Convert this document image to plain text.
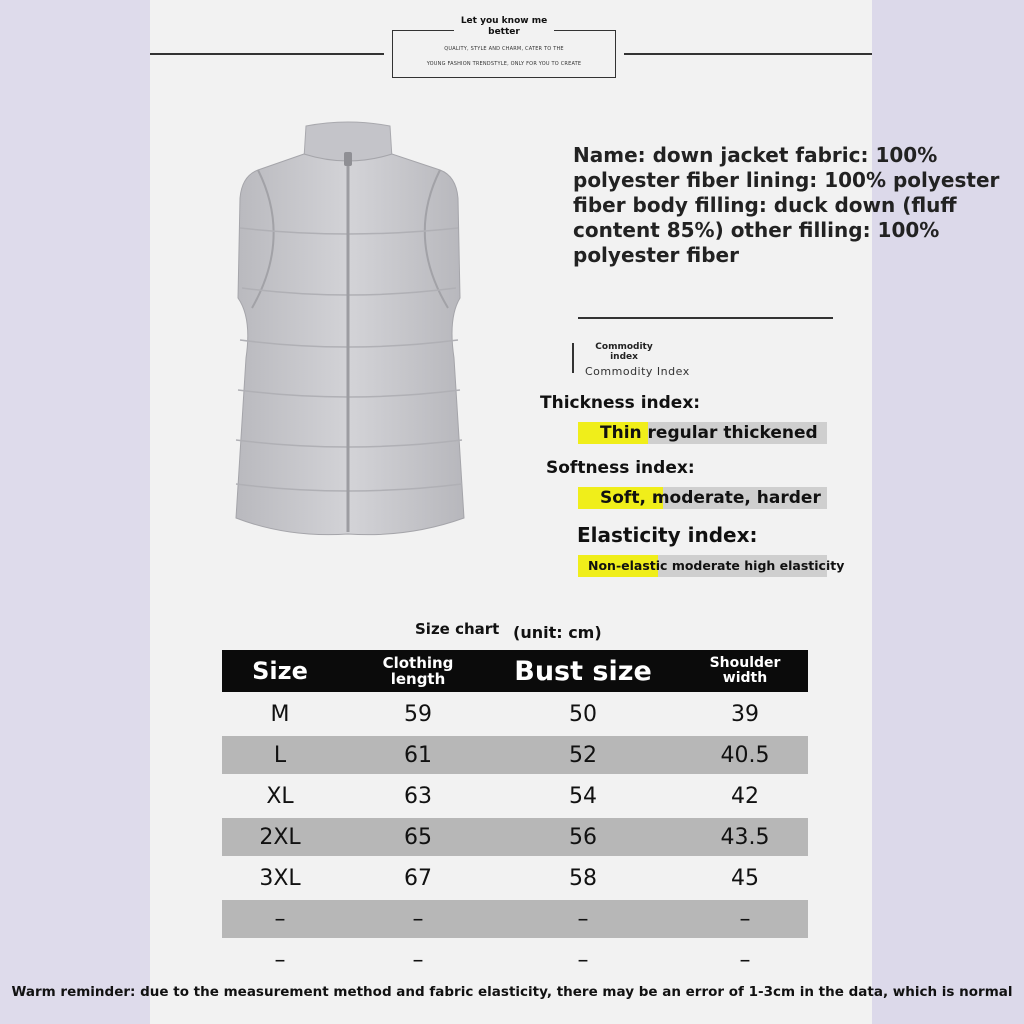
QUALITY, STYLE AND CHARM, CATER TO THE
YOUNG FASHION TRENDSTYLE, ONLY FOR YOU TO CREATE
Let you know me better
Name: down jacket fabric: 100% polyester fiber lining: 100% polyester fiber body filling: duck down (fluff content 85%) other filling: 100% polyester fiber
Commodity index
Commodity Index
Thickness index:
Thin regular thickened
Softness index:
Soft, moderate, harder
Elasticity index:
Non-elastic moderate high elasticity
Size chart (unit: cm)
Size	Clothing length	Bust size	Shoulder width
M	59	50	39
L	61	52	40.5
XL	63	54	42
2XL	65	56	43.5
3XL	67	58	45
–	–	–	–
–	–	–	–
Warm reminder: due to the measurement method and fabric elasticity, there may be an error of 1-3cm in the data, which is normal
